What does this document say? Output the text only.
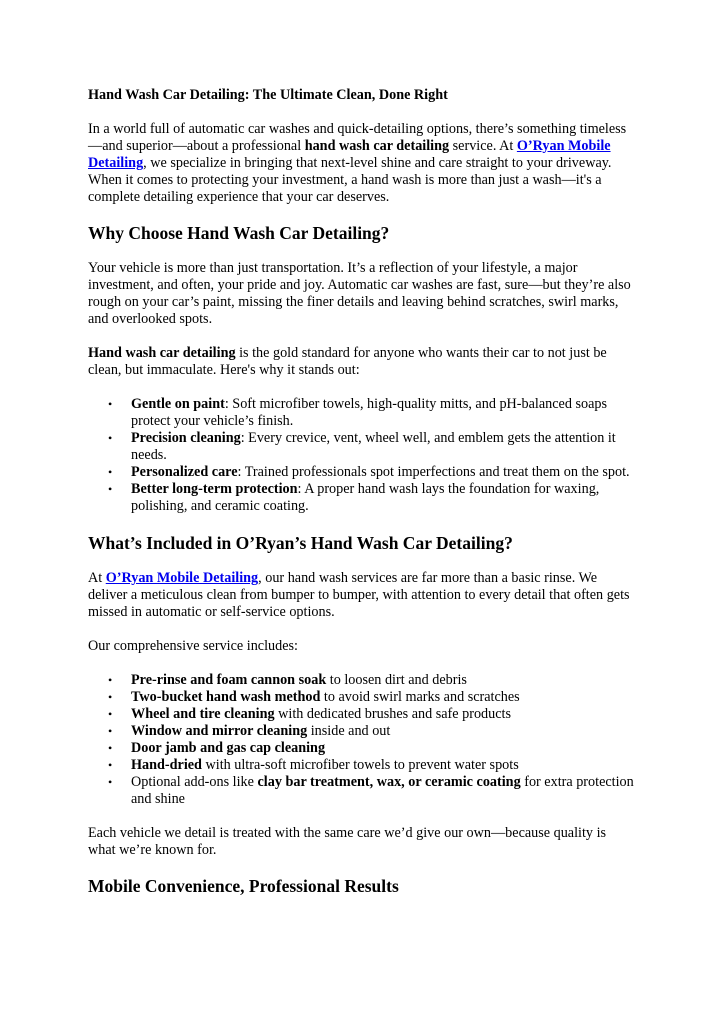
Hand Wash Car Detailing: The Ultimate Clean, Done Right

In a world full of automatic car washes and quick-detailing options, there’s something timeless—and superior—about a professional hand wash car detailing service. At O’Ryan Mobile Detailing, we specialize in bringing that next-level shine and care straight to your driveway. When it comes to protecting your investment, a hand wash is more than just a wash—it's a complete detailing experience that your car deserves.

Why Choose Hand Wash Car Detailing?

Your vehicle is more than just transportation. It’s a reflection of your lifestyle, a major investment, and often, your pride and joy. Automatic car washes are fast, sure—but they’re also rough on your car’s paint, missing the finer details and leaving behind scratches, swirl marks, and overlooked spots.

Hand wash car detailing is the gold standard for anyone who wants their car to not just be clean, but immaculate. Here's why it stands out:

• Gentle on paint: Soft microfiber towels, high-quality mitts, and pH-balanced soaps protect your vehicle’s finish.
• Precision cleaning: Every crevice, vent, wheel well, and emblem gets the attention it needs.
• Personalized care: Trained professionals spot imperfections and treat them on the spot.
• Better long-term protection: A proper hand wash lays the foundation for waxing, polishing, and ceramic coating.
What’s Included in O’Ryan’s Hand Wash Car Detailing?

At O’Ryan Mobile Detailing, our hand wash services are far more than a basic rinse. We deliver a meticulous clean from bumper to bumper, with attention to every detail that often gets missed in automatic or self-service options.

Our comprehensive service includes:

• Pre-rinse and foam cannon soak to loosen dirt and debris
• Two-bucket hand wash method to avoid swirl marks and scratches
• Wheel and tire cleaning with dedicated brushes and safe products
• Window and mirror cleaning inside and out
• Door jamb and gas cap cleaning
• Hand-dried with ultra-soft microfiber towels to prevent water spots
• Optional add-ons like clay bar treatment, wax, or ceramic coating for extra protection and shine

Each vehicle we detail is treated with the same care we’d give our own—because quality is what we’re known for.

Mobile Convenience, Professional Results
